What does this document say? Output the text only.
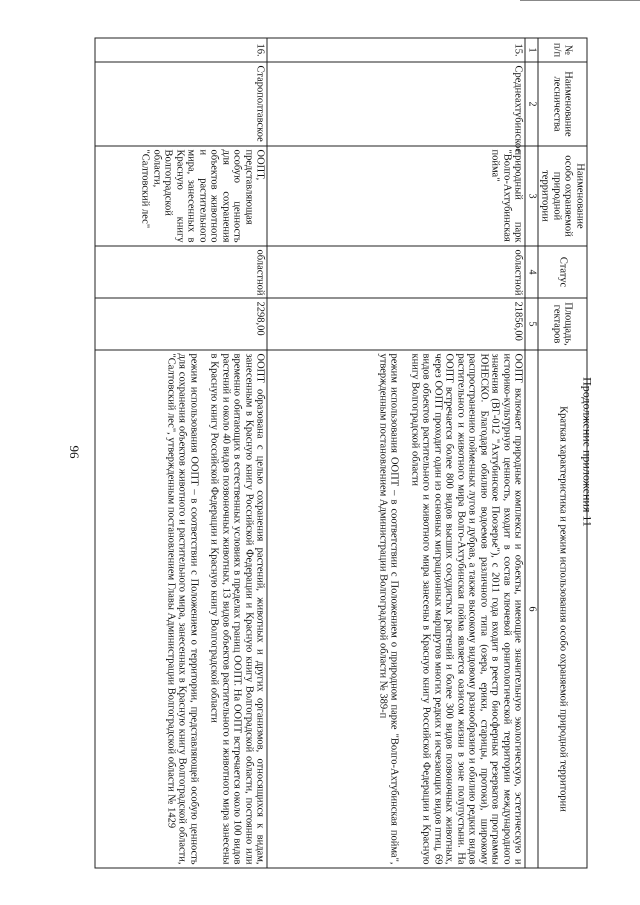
96	Продолжение приложения 11
№ п/п	Наименование лесничества	Наименование особо охраняемой природной территории	Статус	Площадь, гектаров	Краткая характеристика и режим использования особо охраняемой природной территории
1	2	3	4	5	6
15.	Среднеахтубинское	природный парк "Волго-Ахтубинская пойма"	областной	21856,00	ООПТ включает природные комплексы и объекты, имеющие значительную экологическую, эстетическую и историко-культурную ценность, входит в состав ключевой орнитологической территории международного значения (ВГ-012 "Ахтубинское Поозерье"), с 2011 года входит в реестр биосферных резерватов программы ЮНЕСКО. Благодаря обилию водоемов различного типа (озера, ерики, старицы, протоки), широкому распространению пойменных лугов и дубрав, а также высокому видовому разнообразию и обилию редких видов растительного и животного мира Волго-Ахтубинская пойма является оазисом жизни в зоне полупустыни. На ООПТ встречается более 800 видов высших сосудистых растений и более 300 видов позвоночных животных, через ООПТ проходит один из основных миграционных маршрутов многих редких и исчезающих видов птиц, 69 видов объектов растительного и животного мира занесены в Красную книгу Российской Федерации и Красную книгу Волгоградской области

режим использования ООПТ – в соответствии с Положением о природном парке "Волго-Ахтубинская пойма", утвержденным постановлением Администрации Волгоградской области № 389-п

16.	Старополтавское	ООПТ, представляющая особую ценность для сохранения объектов животного и растительного мира, занесенных в Красную книгу Волгоградской области, "Салтовский лес"	областной	2298,00	ООПТ образована с целью сохранения растений, животных и других организмов, относящихся к видам, занесенным в Красную книгу Российской Федерации и Красную книгу Волгоградской области, постоянно или временно обитающих в естественных условиях в пределах границ ООПТ. На ООПТ встречается около 100 видов растений и около 40 видов позвоночных животных, 13 видов объектов растительного и животного мира занесены в Красную книгу Российской Федерации и Красную книгу Волгоградской области

режим использования ООПТ – в соответствии с Положением о территории, представляющей особую ценность для сохранения объектов животного и растительного мира, занесенных в Красную книгу Волгоградской области, "Салтовский лес", утвержденным постановлением Главы Администрации Волгоградской области № 1429
